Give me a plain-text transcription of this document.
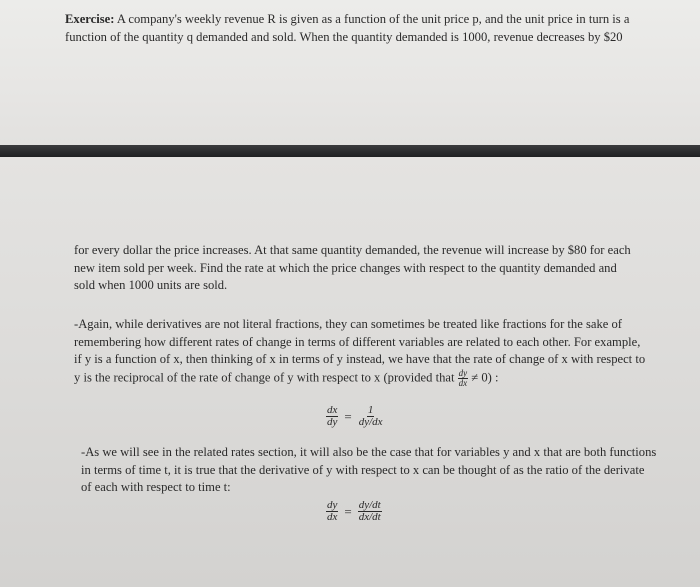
Exercise: A company's weekly revenue R is given as a function of the unit price p, and the unit price in turn is a
function of the quantity q demanded and sold. When the quantity demanded is 1000, revenue decreases by $20

for every dollar the price increases. At that same quantity demanded, the revenue will increase by $80 for each
new item sold per week. Find the rate at which the price changes with respect to the quantity demanded and
sold when 1000 units are sold.

-Again, while derivatives are not literal fractions, they can sometimes be treated like fractions for the sake of
remembering how different rates of change in terms of different variables are related to each other. For example,
if y is a function of x, then thinking of x in terms of y instead, we have that the rate of change of x with respect to
y is the reciprocal of the rate of change of y with respect to x (provided that $\frac{dy}{dx} \ne 0$) :

$\frac{dx}{dy} = \frac{1}{dy/dx}$

-As we will see in the related rates section, it will also be the case that for variables y and x that are both functions
in terms of time t, it is true that the derivative of y with respect to x can be thought of as the ratio of the derivate
of each with respect to time t:

$\frac{dy}{dx} = \frac{dy/dt}{dx/dt}$
